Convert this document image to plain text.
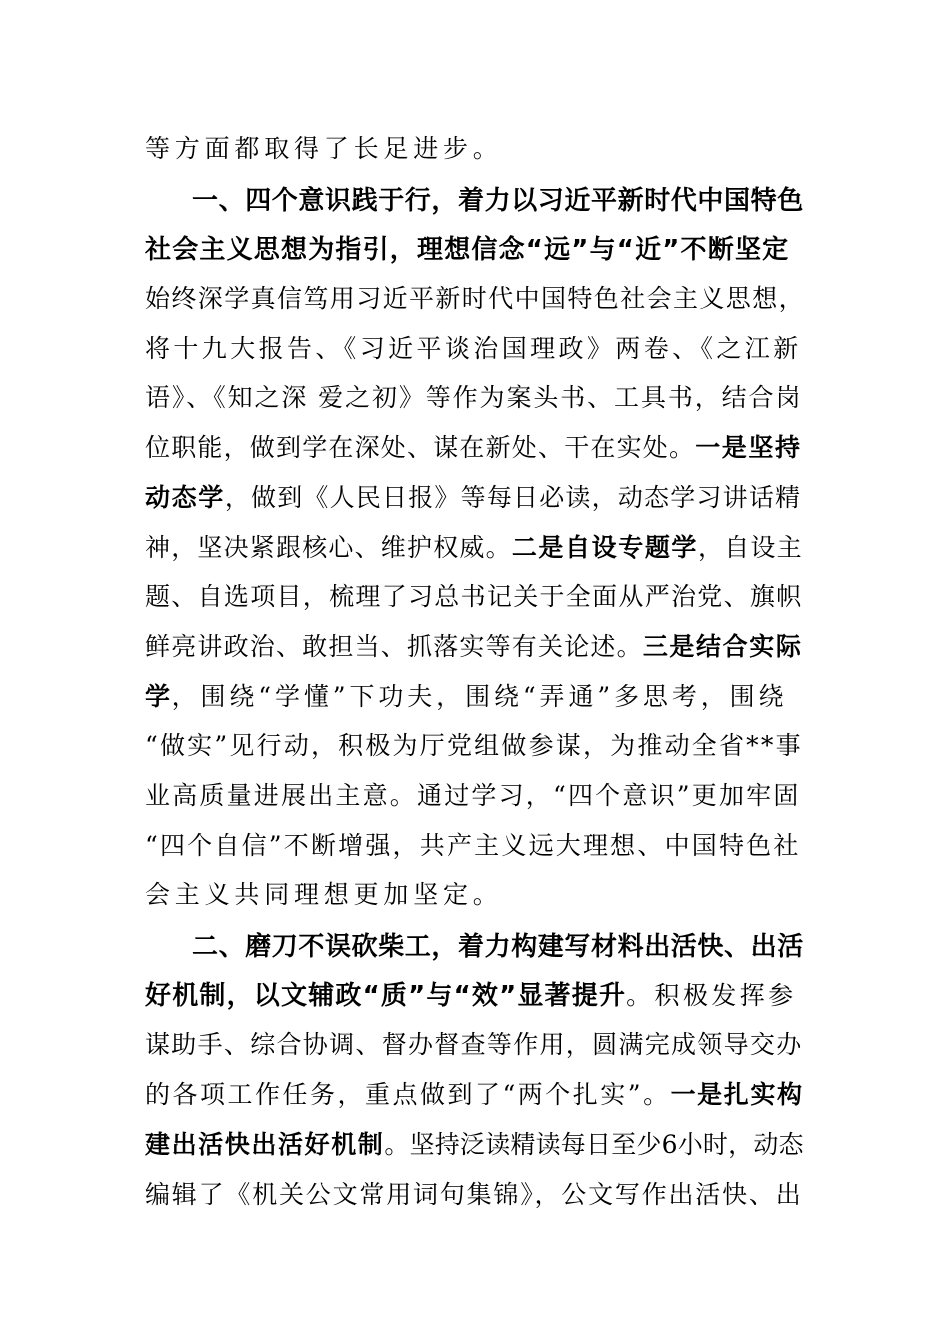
等方面都取得了长足进步。
一、四个意识践于行，着力以习近平新时代中国特色
社会主义思想为指引，理想信念“远”与“近”不断坚定
始终深学真信笃用习近平新时代中国特色社会主义思想，
将十九大报告、《习近平谈治国理政》两卷、《之江新
语》、《知之深 爱之初》等作为案头书、工具书，结合岗
位职能，做到学在深处、谋在新处、干在实处。一是坚持
动态学，做到《人民日报》等每日必读，动态学习讲话精
神，坚决紧跟核心、维护权威。二是自设专题学，自设主
题、自选项目，梳理了习总书记关于全面从严治党、旗帜
鲜亮讲政治、敢担当、抓落实等有关论述。三是结合实际
学，围绕“学懂”下功夫，围绕“弄通”多思考，围绕
“做实”见行动，积极为厅党组做参谋，为推动全省**事
业高质量进展出主意。通过学习，“四个意识”更加牢固
“四个自信”不断增强，共产主义远大理想、中国特色社
会主义共同理想更加坚定。
二、磨刀不误砍柴工，着力构建写材料出活快、出活
好机制，以文辅政“质”与“效”显著提升。积极发挥参
谋助手、综合协调、督办督查等作用，圆满完成领导交办
的各项工作任务，重点做到了“两个扎实”。一是扎实构
建出活快出活好机制。坚持泛读精读每日至少6小时，动态
编辑了《机关公文常用词句集锦》，公文写作出活快、出
